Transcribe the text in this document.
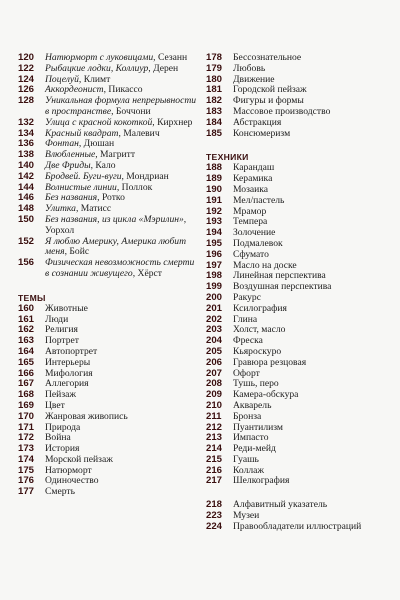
120	Натюрморт с луковицами, Сезанн
122	Рыбацкие лодки, Коллиур, Дерен
124	Поцелуй, Климт
126	Аккордеонист, Пикассо
128	Уникальная формула непрерывности в пространстве, Боччони
132	Улица с красной кокоткой, Кирхнер
134	Красный квадрат, Малевич
136	Фонтан, Дюшан
138	Влюбленные, Магритт
140	Две Фриды, Кало
142	Бродвей. Буги-вуги, Мондриан
144	Волнистые линии, Поллок
146	Без названия, Ротко
148	Улитка, Матисс
150	Без названия, из цикла «Мэрилин», Уорхол
152	Я люблю Америку, Америка любит меня, Бойс
156	Физическая невозможность смерти в сознании живущего, Хёрст
ТЕМЫ
160	Животные
161	Люди
162	Религия
163	Портрет
164	Автопортрет
165	Интерьеры
166	Мифология
167	Аллегория
168	Пейзаж
169	Цвет
170	Жанровая живопись
171	Природа
172	Война
173	История
174	Морской пейзаж
175	Натюрморт
176	Одиночество
177	Смерть
178	Бессознательное
179	Любовь
180	Движение
181	Городской пейзаж
182	Фигуры и формы
183	Массовое производство
184	Абстракция
185	Консюмеризм
ТЕХНИКИ
188	Карандаш
189	Керамика
190	Мозаика
191	Мел/пастель
192	Мрамор
193	Темпера
194	Золочение
195	Подмалевок
196	Сфумато
197	Масло на доске
198	Линейная перспектива
199	Воздушная перспектива
200	Ракурс
201	Ксилография
202	Глина
203	Холст, масло
204	Фреска
205	Кьяроскуро
206	Гравюра резцовая
207	Офорт
208	Тушь, перо
209	Камера-обскура
210	Акварель
211	Бронза
212	Пуантилизм
213	Импасто
214	Реди-мейд
215	Гуашь
216	Коллаж
217	Шелкография
218	Алфавитный указатель
223	Музеи
224	Правообладатели иллюстраций
